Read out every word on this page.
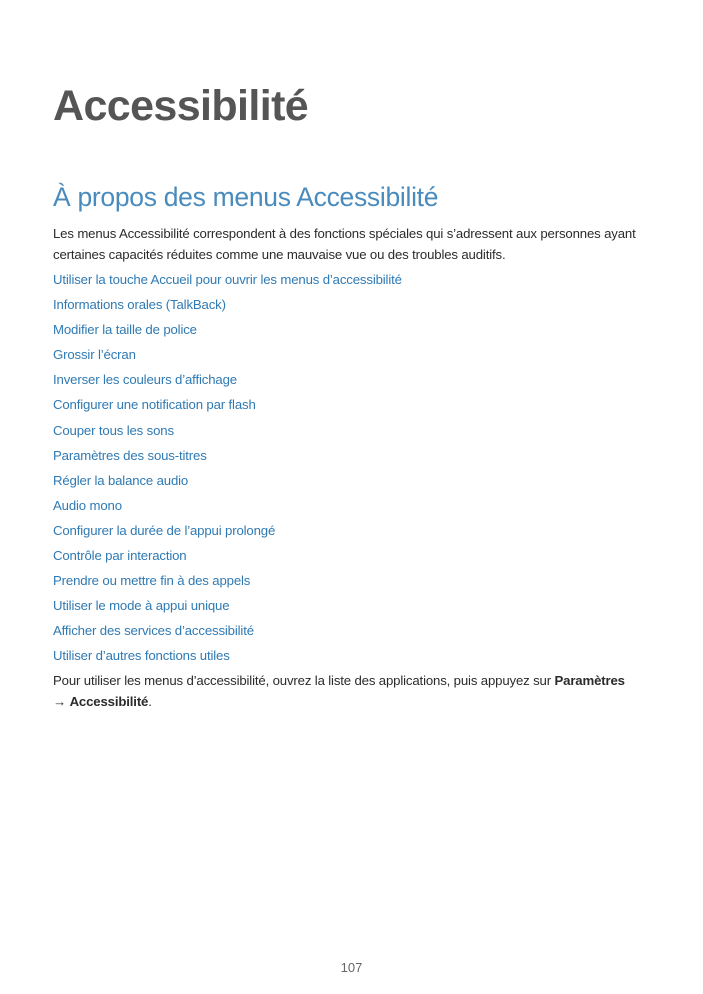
Accessibilité
À propos des menus Accessibilité

Les menus Accessibilité correspondent à des fonctions spéciales qui s’adressent aux personnes ayant certaines capacités réduites comme une mauvaise vue ou des troubles auditifs.

Utiliser la touche Accueil pour ouvrir les menus d’accessibilité
Informations orales (TalkBack)
Modifier la taille de police
Grossir l’écran
Inverser les couleurs d’affichage
Configurer une notification par flash
Couper tous les sons
Paramètres des sous-titres
Régler la balance audio
Audio mono
Configurer la durée de l’appui prolongé
Contrôle par interaction
Prendre ou mettre fin à des appels
Utiliser le mode à appui unique
Afficher des services d’accessibilité
Utiliser d’autres fonctions utiles

Pour utiliser les menus d’accessibilité, ouvrez la liste des applications, puis appuyez sur Paramètres
→ Accessibilité.

107
